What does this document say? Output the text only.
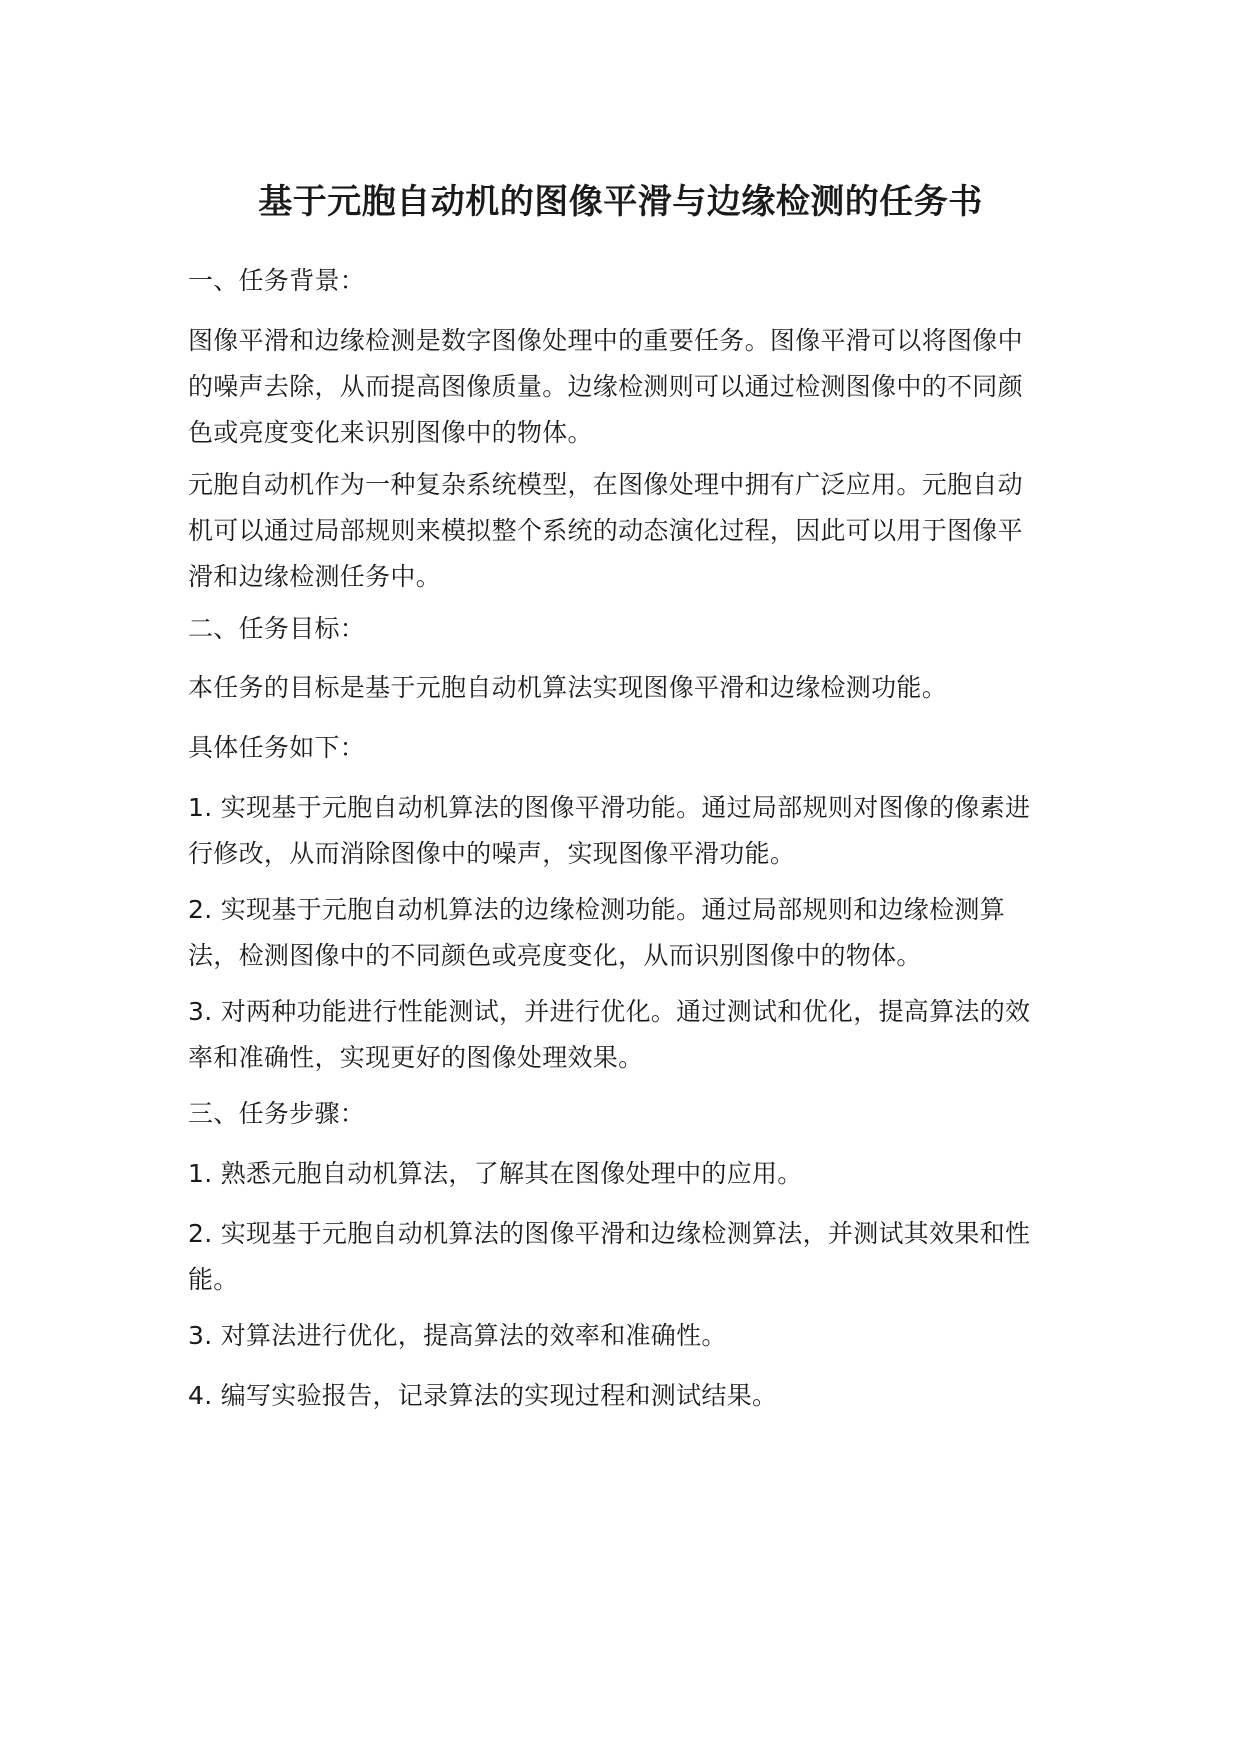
基于元胞自动机的图像平滑与边缘检测的任务书
一、任务背景：
图像平滑和边缘检测是数字图像处理中的重要任务。图像平滑可以将图像中的噪声去除，从而提高图像质量。边缘检测则可以通过检测图像中的不同颜色或亮度变化来识别图像中的物体。
元胞自动机作为一种复杂系统模型，在图像处理中拥有广泛应用。元胞自动机可以通过局部规则来模拟整个系统的动态演化过程，因此可以用于图像平滑和边缘检测任务中。
二、任务目标：
本任务的目标是基于元胞自动机算法实现图像平滑和边缘检测功能。
具体任务如下：
1. 实现基于元胞自动机算法的图像平滑功能。通过局部规则对图像的像素进行修改，从而消除图像中的噪声，实现图像平滑功能。
2. 实现基于元胞自动机算法的边缘检测功能。通过局部规则和边缘检测算法，检测图像中的不同颜色或亮度变化，从而识别图像中的物体。
3. 对两种功能进行性能测试，并进行优化。通过测试和优化，提高算法的效率和准确性，实现更好的图像处理效果。
三、任务步骤：
1. 熟悉元胞自动机算法，了解其在图像处理中的应用。
2. 实现基于元胞自动机算法的图像平滑和边缘检测算法，并测试其效果和性能。
3. 对算法进行优化，提高算法的效率和准确性。
4. 编写实验报告，记录算法的实现过程和测试结果。
